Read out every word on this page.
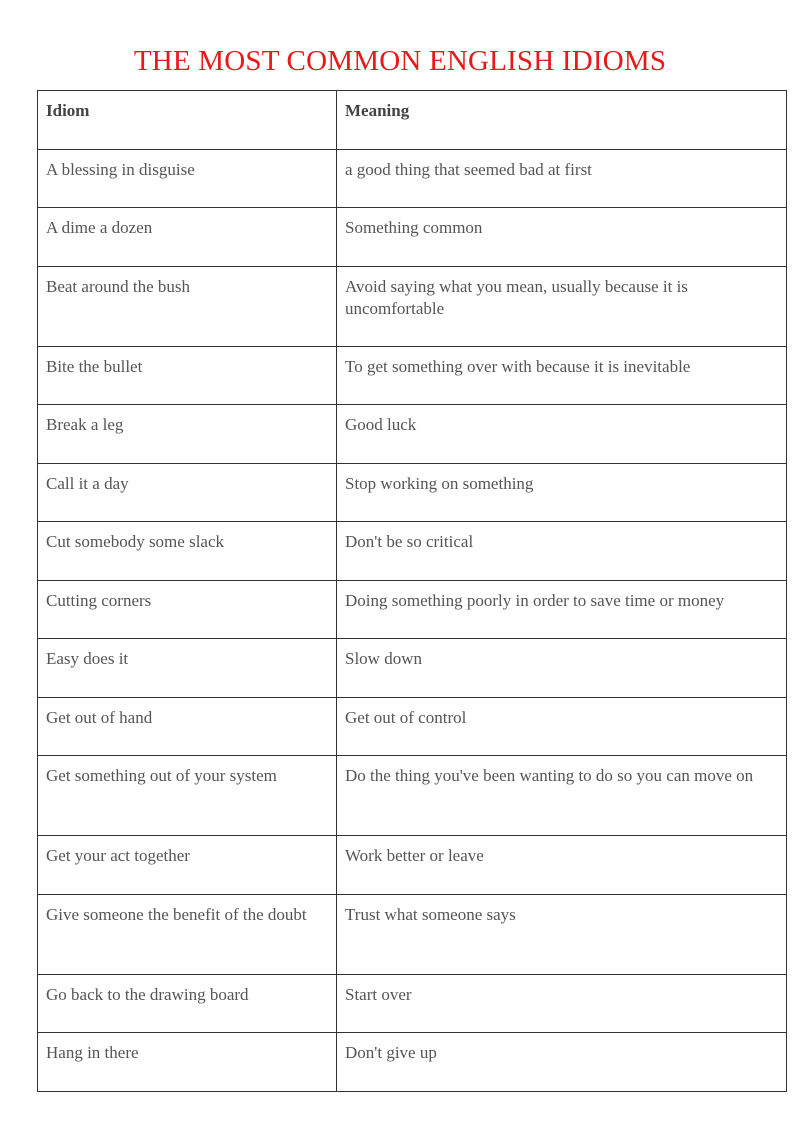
THE MOST COMMON ENGLISH IDIOMS
Idiom	Meaning
A blessing in disguise	a good thing that seemed bad at first
A dime a dozen	Something common
Beat around the bush	Avoid saying what you mean, usually because it is uncomfortable
Bite the bullet	To get something over with because it is inevitable
Break a leg	Good luck
Call it a day	Stop working on something
Cut somebody some slack	Don't be so critical
Cutting corners	Doing something poorly in order to save time or money
Easy does it	Slow down
Get out of hand	Get out of control
Get something out of your system	Do the thing you've been wanting to do so you can move on
Get your act together	Work better or leave
Give someone the benefit of the doubt	Trust what someone says
Go back to the drawing board	Start over
Hang in there	Don't give up
